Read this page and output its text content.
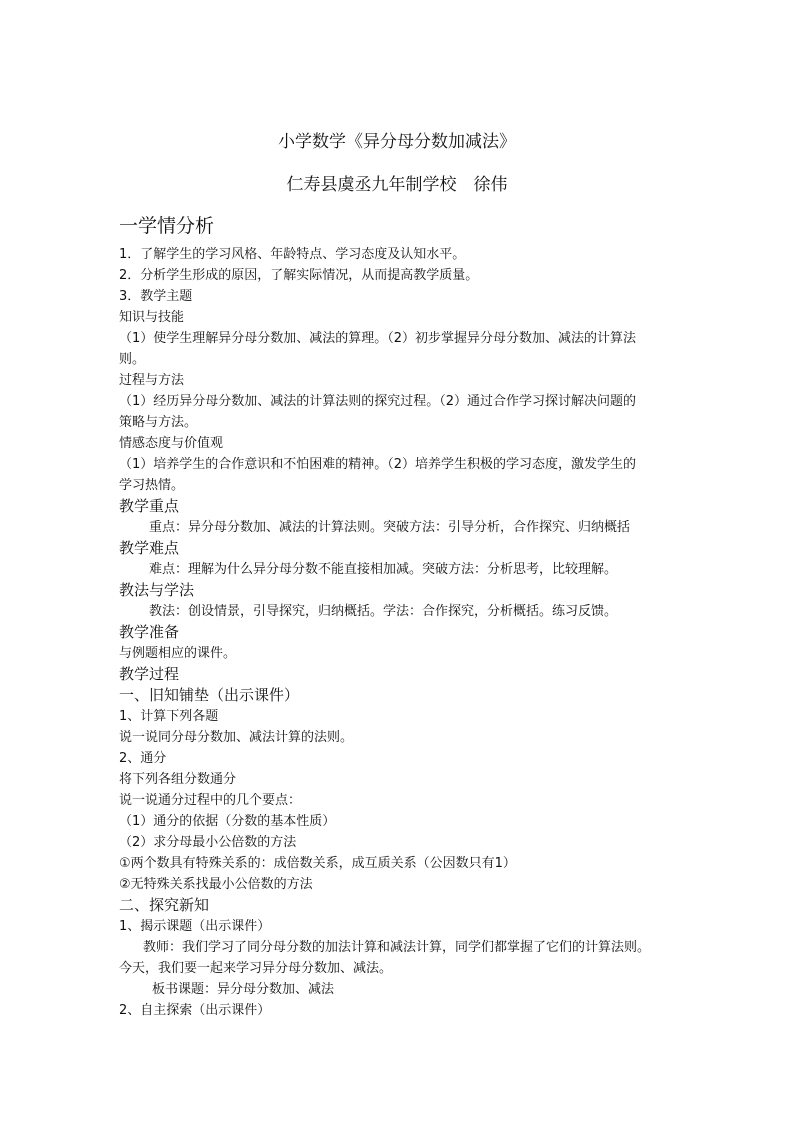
小学数学《异分母分数加减法》
仁寿县虞丞九年制学校　徐伟
一学情分析
1．了解学生的学习风格、年龄特点、学习态度及认知水平。
2．分析学生形成的原因，了解实际情况，从而提高教学质量。
3．教学主题
知识与技能
（1）使学生理解异分母分数加、减法的算理。（2）初步掌握异分母分数加、减法的计算法
则。
过程与方法
（1）经历异分母分数加、减法的计算法则的探究过程。（2）通过合作学习探讨解决问题的
策略与方法。
情感态度与价值观
（1）培养学生的合作意识和不怕困难的精神。（2）培养学生积极的学习态度，激发学生的
学习热情。
教学重点
重点：异分母分数加、减法的计算法则。突破方法：引导分析，合作探究、归纳概括
教学难点
难点：理解为什么异分母分数不能直接相加减。突破方法：分析思考，比较理解。
教法与学法
教法：创设情景，引导探究，归纳概括。学法：合作探究，分析概括。练习反馈。
教学准备
与例题相应的课件。
教学过程
一、旧知铺垫（出示课件）
1、计算下列各题
说一说同分母分数加、减法计算的法则。
2、通分
将下列各组分数通分
说一说通分过程中的几个要点：
（1）通分的依据（分数的基本性质）
（2）求分母最小公倍数的方法
①两个数具有特殊关系的：成倍数关系，成互质关系（公因数只有1）
②无特殊关系找最小公倍数的方法
二、探究新知
1、揭示课题（出示课件）
教师：我们学习了同分母分数的加法计算和减法计算，同学们都掌握了它们的计算法则。
今天，我们要一起来学习异分母分数加、减法。
板书课题：异分母分数加、减法
2、自主探索（出示课件）
